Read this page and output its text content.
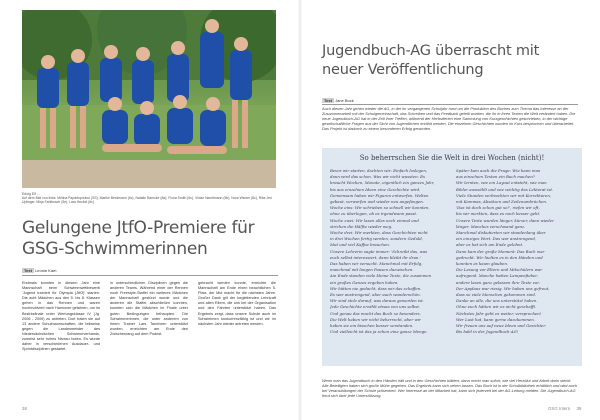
Erfolg Elf ...
Auf dem Bild von links: Melina Papadopoulou (SS), Marike Beckmann (6c), Natalie Ramcke (8a), Fiona Smith (6c), Vivian Nachtmann (5b), Nora Weizer (8c), Rike Jeri Uplinger, Mirja Fahlbusch (5e), Lara Heckel (6c)
Gelungene JtfO-Premiere für GSG-Schwimmerinnen
Text Leonie Kam
Erstmals konnten in diesem Jahr eine Mannschaft beim Schwimmwettbewerb 'Jugend trainiert für Olympia (JtfO)' starten. Die acht Mädchen aus den 5. bis 8. Klassen gehen in das Rennen und waren hochmotiviert nach Hannover gefahren, um im Bezirksfinale unter Wertungsklasse IV (Jg. 2006 - 2009) zu antreten. Dort traten sie auf 13 andere Schulmannschaften, die teilweise gegen die Landesmeister des Niedersächsischen Schwimmverbands, zumeist sehr hohes Niveau boten. Es wurde daher in verschiedenen Ausdauer- und Sprintdisziplinen gestartet.
in unterschiedlichen Disziplinen gegen die anderen Teams. Während einer der Rennen noch Freestyle-Staffel ein weiteres Mädchen der Mannschaft gestürzt wurde und die anderen die Staffel abschließen konnten, konnten sich die Mädchen im Finale unter guten Bedingungen behaupten. Die Schwimmerinnen, die unter anderem von ihrem Trainer Lars Tannheim unterstützt wurden, erreichten am Ende den Zwischenrang auf dem Podest.
gebracht werden konnte, erreichte die Mannschaft am Ende einen beachtlichen 5. Platz, der Mut macht für die nächsten Jahre. Großer Dank gilt der begleitenden Lehrkraft und allen Eltern, die uns bei der Organisation und den Fahrten unterstützt haben. Das Ergebnis zeigt, dass unsere Schule auch im Schwimmen konkurrenzfähig ist und wir im nächsten Jahr wieder antreten werden.
38
Jugendbuch-AG überrascht mit neuer Veröffentlichung
Text Jane Bock
Auch diesen Jahr gehen wieder die AG, in der im vergangenen Schuljahr rund um die Produktion des Buches zum Thema das Interesse an der Zusammenarbeit mit der Schulgemeinschaft, das Schreiben und das Feedback geteilt wurden, die ihr in ihren Texten die Welt verändert haben. Die neue Jugendbuch-AG hat in der Zeit ihrer Treffen, während der Herbstferien eine Sammlung von Kurzgeschichten geschrieben, in der wichtige gesellschaftliche Fragen aus der Sicht von Jugendlichen erzählt werden. Die einzelnen Geschichten wurden im Kurs besprochen und überarbeitet. Das Projekt ist dadurch zu einem besonderen Erfolg geworden.
So beherrschen Sie die Welt in drei Wochen (nicht)!
Bevor wir starten, dachten wir: Einfach loslegen,
dann wird das schon. Was wir nicht wussten: Es
braucht Wochen, Monate, eigentlich ein ganzes Jahr,
bis aus einzelnen Ideen eine Geschichte wird.
Gemeinsam haben wir Figuren entworfen, Welten
gebaut, verworfen und wieder neu angefangen.
Woche eins: Wir schrieben so schnell wir konnten,
ohne zu überlegen, ob es irgendwann passt.
Woche zwei: Wir lasen alles noch einmal und
strichen die Hälfte wieder weg.
Woche drei: Wir merkten, dass Geschichten nicht
in drei Wochen fertig werden, sondern Geduld,
Mut und viel Kaffee brauchen.
Unsere Lehrerin sagte immer: 'Schreibt das, was
euch selbst interessiert, dann bleibt ihr dran.'
Das haben wir versucht. Manchmal mit Erfolg,
manchmal mit langen Pausen dazwischen.
Am Ende standen viele kleine Texte, die zusammen
ein großes Ganzes ergeben haben.
Wir hätten nie gedacht, dass wir das schaffen.
Es war anstrengend, aber auch wunderschön.
Wir sind stolz darauf, was daraus geworden ist.
Jede Geschichte erzählt etwas von uns selbst.
Und genau das macht das Buch so besonders.
Die Welt haben wir nicht beherrscht, aber wir
haben sie ein bisschen besser verstanden.
Und vielleicht ist das ja schon eine ganze Menge.
Später kam auch die Frage: Wie kann man
aus einzelnen Texten ein Buch machen?
Wir lernten, wie ein Layout entsteht, wie man
Bilder auswählt und wie wichtig das Lektorat ist.
Viele Stunden verbrachten wir mit Korrekturen,
mit Kommas, Absätzen und Zeilenumbrüchen.
'Das ist doch schon gut so!', riefen wir oft,
bis wir merkten, dass es noch besser geht.
Unsere Texte wurden länger, kürzer, dann wieder
länger. Manches verschwand ganz.
Manchmal diskutierten wir stundenlang über
ein einziges Wort. Das war anstrengend,
aber es hat sich am Ende gelohnt.
Dann kam der große Moment: Das Buch war
gedruckt. Wir hielten es in den Händen und
konnten es kaum glauben.
Die Lesung vor Eltern und Mitschülern war
aufregend. Manche hatten Lampenfieber,
andere lasen ganz gelassen ihre Texte vor.
Der Applaus war riesig. Wir haben uns gefreut,
dass so viele Menschen gekommen sind.
Danke an alle, die uns unterstützt haben.
Ohne euch hätten wir es nicht geschafft.
Nächstes Jahr geht es weiter, versprochen!
Wer Lust hat, kann gerne dazukommen.
Wir freuen uns auf neue Ideen und Gesichter.
Bis bald in der Jugendbuch-AG!
Wenn man das Jugendbuch in den Händen hält und in den Geschichten blättert, dann merkt man sofort, wie viel Herzblut und Arbeit darin steckt. Alle Beteiligten haben sich große Mühe gegeben. Das Ergebnis kann sich sehen lassen. Das Buch ist in der Schulbibliothek erhältlich und wird auch bei Veranstaltungen der Schule präsentiert. Wer Interesse an der Mitarbeit hat, kann sich jederzeit bei der AG-Leitung melden. Die Jugendbuch-AG freut sich über jede Unterstützung.
GSG Intern 39
